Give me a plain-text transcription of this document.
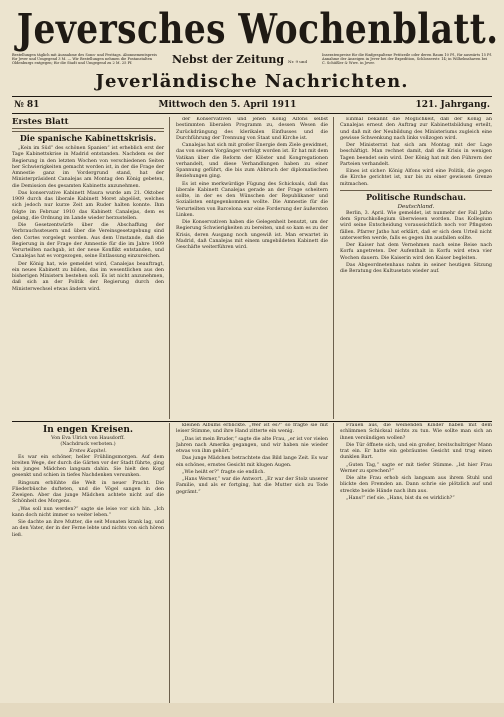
Jeversches Wochenblatt.
Bestellungen täglich mit Ausnahme des Sonn- und Festtags. Abonnementspreis für Jever und Umgegend 3 M. — Wir Bestellungen nehmen die Postanstalten Oldenburgs entgegen; für die Stadt und Umgegend zu 2 M. 25 Pf.	Nebst der Zeitung Nr. 9 und
Inseratenpreise für die fünfgespaltene Petitzeile oder deren Raum 10 Pf., für auswärts 15 Pf. Annahme der Anzeigen in Jever bei der Expedition, Schlosserstr. 14; in Wilhelmshaven bei C. Schüßler & Wwe. in Jever.
Jeverländische Nachrichten.
№ 81	Mittwoch den 5. April 1911	121. Jahrgang.
Erstes Blatt
Die spanische Kabinettskrisis.

„Kein im Süd“ des schönen Spanien“ ist erheblich erst der Tage Kabinettskrise in Madrid entstanden. Nachdem es der Regierung in den letzten Wochen von verschiedenen Seiten her Schwierigkeiten gemacht worden ist, in der die Frage der Amnestie ganz im Vordergrund stand, hat der Ministerpräsident Canalejas am Montag den König gebeten, die Demission des gesamten Kabinetts anzunehmen.

Das konservative Kabinett Maura wurde am 21. Oktober 1909 durch das liberale Kabinett Moret abgelöst, welches sich jedoch nur kurze Zeit am Ruder halten konnte. Ihm folgte im Februar 1910 das Kabinett Canalejas, dem es gelang, die Ordnung im Lande wieder herzustellen.

Die Gesetzentwürfe über die Abschaffung der Verbrauchssteuern und über die Vereinsgesetzgebung sind den Cortes vorgelegt worden. Aus dem Umstande, daß die Regierung in der Frage der Amnestie für die im Jahre 1909 Verurteilten nachgab, ist der neue Konflikt entstanden, und Canalejas hat es vorgezogen, seine Entlassung einzureichen.

Der König hat, wie gemeldet wird, Canalejas beauftragt, ein neues Kabinett zu bilden, das im wesentlichen aus den bisherigen Ministern bestehen soll. Es ist nicht anzunehmen, daß sich an der Politik der Regierung durch den Ministerwechsel etwas ändern wird.

der Konservativen und jenen König Alfons selbst bestimmten liberalen Programm zu, dessen Wesen die Zurückdrängung des klerikalen Einflusses und die Durchführung der Trennung von Staat und Kirche ist.

Canalejas hat sich mit großer Energie dem Ziele gewidmet, das von seinem Vorgänger verfolgt worden ist. Er hat mit dem Vatikan über die Reform der Klöster und Kongregationen verhandelt, und diese Verhandlungen haben zu einer Spannung geführt, die bis zum Abbruch der diplomatischen Beziehungen ging.

Es ist eine merkwürdige Fügung des Schicksals, daß das liberale Kabinett Canalejas gerade an der Frage scheitern sollte, in der es den Wünschen der Republikaner und Sozialisten entgegenkommen wollte. Die Amnestie für die Verurteilten von Barcelona war eine Forderung der äußersten Linken.

Die Konservativen haben die Gelegenheit benutzt, um der Regierung Schwierigkeiten zu bereiten, und so kam es zu der Krisis, deren Ausgang noch ungewiß ist. Man erwartet in Madrid, daß Canalejas mit einem umgebildeten Kabinett die Geschäfte weiterführen wird.

Einmal bekannt die Möglichkeit, daß der König an Canalejas erneut den Auftrag zur Kabinettsbildung erteilt, und daß mit der Neubildung des Ministeriums zugleich eine gewisse Schwenkung nach links vollzogen wird.

Der Ministerrat hat sich am Montag mit der Lage beschäftigt. Man rechnet damit, daß die Krisis in wenigen Tagen beendet sein wird. Der König hat mit den Führern der Parteien verhandelt.

Eines ist sicher: König Alfons wird eine Politik, die gegen die Kirche gerichtet ist, nur bis zu einer gewissen Grenze mitmachen.

Politische Rundschau.
Deutschland.

Berlin, 3. April. Wie gemeldet, ist nunmehr der Fall Jatho dem Spruchkollegium überwiesen worden. Das Kollegium wird seine Entscheidung voraussichtlich noch vor Pfingsten fällen. Pfarrer Jatho hat erklärt, daß er sich dem Urteil nicht unterwerfen werde, falls es gegen ihn ausfallen sollte.

Der Kaiser hat dem Vernehmen nach seine Reise nach Korfu angetreten. Der Aufenthalt in Korfu wird etwa vier Wochen dauern. Die Kaiserin wird den Kaiser begleiten.

Das Abgeordnetenhaus nahm in seiner heutigen Sitzung die Beratung des Kultusetats wieder auf.

In engen Kreisen.
Von Eva Ulrich von Hausdorff.
(Nachdruck verboten.)
Erstes Kapitel.

Es war ein schöner, heller Frühlingsmorgen. Auf dem breiten Wege, der durch die Gärten vor der Stadt führte, ging ein junges Mädchen langsam dahin. Sie hielt den Kopf gesenkt und schien in tiefes Nachdenken versunken.

Ringsum erblühte die Welt in neuer Pracht. Die Fliederbüsche dufteten, und die Vögel sangen in den Zweigen. Aber das junge Mädchen achtete nicht auf die Schönheit des Morgens.

„Was soll nun werden?“ sagte sie leise vor sich hin. „Ich kann doch nicht immer so weiter leben.“

Sie dachte an ihre Mutter, die seit Monaten krank lag, und an den Vater, der in der Ferne lebte und nichts von sich hören ließ.

kleinen Albums erblickte. „Wer ist es?“ so fragte sie mit leiser Stimme, und ihre Hand zitterte ein wenig.

„Das ist mein Bruder,“ sagte die alte Frau, „er ist vor vielen Jahren nach Amerika gegangen, und wir haben nie wieder etwas von ihm gehört.“

Das junge Mädchen betrachtete das Bild lange Zeit. Es war ein schönes, ernstes Gesicht mit klugen Augen.

„Wie heißt er?“ fragte sie endlich.

„Hans Werner,“ war die Antwort. „Er war der Stolz unserer Familie, und als er fortging, hat die Mutter sich zu Tode gegrämt.“

Frauen aus, die weinenden Kinder haben mit dem schlimmen Schicksal nichts zu tun. Wie sollte man sich an ihnen versündigen wollen?

Die Tür öffnete sich, und ein großer, breitschultriger Mann trat ein. Er hatte ein gebräuntes Gesicht und trug einen dunklen Bart.

„Guten Tag,“ sagte er mit tiefer Stimme. „Ist hier Frau Werner zu sprechen?“

Die alte Frau erhob sich langsam aus ihrem Stuhl und blickte den Fremden an. Dann schrie sie plötzlich auf und streckte beide Hände nach ihm aus.

„Hans!“ rief sie. „Hans, bist du es wirklich?“
